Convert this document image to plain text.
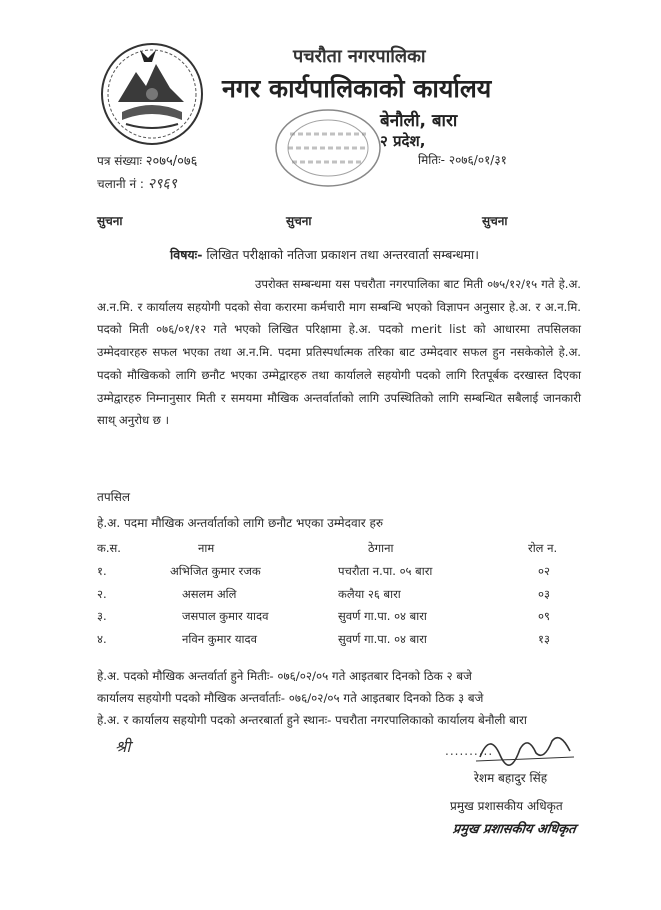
पचरौता नगरपालिका
नगर कार्यपालिकाको कार्यालय
बेनौली, बारा
२ प्रदेश,
पत्र संख्याः २०७५/०७६	मितिः- २०७६/०१/३१
चलानी नं : २९६९
सुचना	सुचना	सुचना
विषयः- लिखित परीक्षाको नतिजा प्रकाशन तथा अन्तरवार्ता सम्बन्धमा।
उपरोक्त सम्बन्धमा यस पचरौता नगरपालिका बाट मिती ०७५/१२/१५ गते हे.अ. अ.न.मि. र कार्यालय सहयोगी पदको सेवा करारमा कर्मचारी माग सम्बन्धि भएको विज्ञापन अनुसार हे.अ. र अ.न.मि. पदको मिती ०७६/०१/१२ गते भएको लिखित परिक्षामा हे.अ. पदको merit list को आधारमा तपसिलका उम्मेदवारहरु सफल भएका तथा अ.न.मि. पदमा प्रतिस्पर्धात्मक तरिका बाट उम्मेदवार सफल हुन नसकेकोले हे.अ. पदको मौखिकको लागि छनौट भएका उम्मेद्वारहरु तथा कार्यालले सहयोगी पदको लागि रितपूर्बक दरखास्त दिएका उम्मेद्वारहरु निम्नानुसार मिती र समयमा मौखिक अन्तर्वार्ताको लागि उपस्थितिको लागि सम्बन्धित सबैलाई जानकारी साथ् अनुरोध छ ।
तपसिल
हे.अ. पदमा मौखिक अन्तर्वार्ताको लागि छनौट भएका उम्मेदवार हरु
क.स.	नाम	ठेगाना	रोल न.
१.	अभिजित कुमार रजक	पचरौता न.पा. ०५ बारा	०२
२.	असलम अलि	कलैया २६ बारा	०३
३.	जसपाल कुमार यादव	सुवर्ण गा.पा. ०४ बारा	०९
४.	नविन कुमार यादव	सुवर्ण गा.पा. ०४ बारा	१३
हे.अ. पदको मौखिक अन्तर्वार्ता हुने मितीः- ०७६/०२/०५ गते आइतबार दिनको ठिक २ बजे
कार्यालय सहयोगी पदको मौखिक अन्तर्वार्ताः- ०७६/०२/०५ गते आइतबार दिनको ठिक ३ बजे
हे.अ. र कार्यालय सहयोगी पदको अन्तरबार्ता हुने स्थानः- पचरौता नगरपालिकाको कार्यालय बेनौली बारा
श्री	..........
रेशम बहादुर सिंह
प्रमुख प्रशासकीय अधिकृत
प्रमुख प्रशासकीय अधिकृत
